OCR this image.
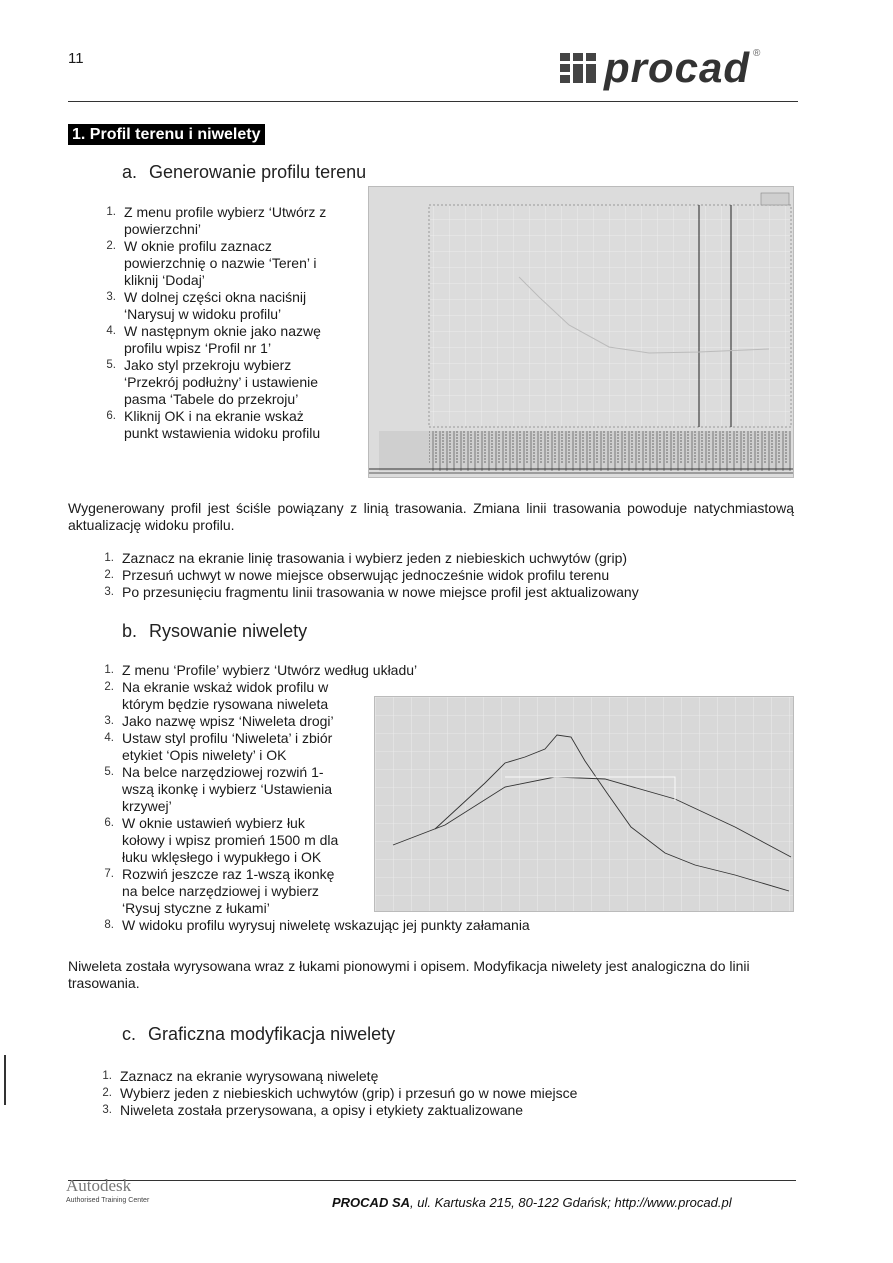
11	procad ®
1. Profil terenu i niwelety
a. Generowanie profilu terenu
1. Z menu profile wybierz ‘Utwórz z
powierzchni’
2. W oknie profilu zaznacz
powierzchnię o nazwie ‘Teren’ i
kliknij ‘Dodaj’
3. W dolnej części okna naciśnij
‘Narysuj w widoku profilu’
4. W następnym oknie jako nazwę
profilu wpisz ‘Profil nr 1’
5. Jako styl przekroju wybierz
‘Przekrój podłużny’ i ustawienie
pasma ‘Tabele do przekroju’
6. Kliknij OK i na ekranie wskaż
punkt wstawienia widoku profilu
Wygenerowany profil jest ściśle powiązany z linią trasowania. Zmiana linii trasowania powoduje natychmiastową aktualizację widoku profilu.
1. Zaznacz na ekranie linię trasowania i wybierz jeden z niebieskich uchwytów (grip)
2. Przesuń uchwyt w nowe miejsce obserwując jednocześnie widok profilu terenu
3. Po przesunięciu fragmentu linii trasowania w nowe miejsce profil jest aktualizowany
b. Rysowanie niwelety
1. Z menu ‘Profile’ wybierz ‘Utwórz według układu’
2. Na ekranie wskaż widok profilu w
którym będzie rysowana niweleta
3. Jako nazwę wpisz ‘Niweleta drogi’
4. Ustaw styl profilu ‘Niweleta’ i zbiór
etykiet ‘Opis niwelety’ i OK
5. Na belce narzędziowej rozwiń 1-
wszą ikonkę i wybierz ‘Ustawienia
krzywej’
6. W oknie ustawień wybierz łuk
kołowy i wpisz promień 1500 m dla
łuku wklęsłego i wypukłego i OK
7. Rozwiń jeszcze raz 1-wszą ikonkę
na belce narzędziowej i wybierz
‘Rysuj styczne z łukami’
8. W widoku profilu wyrysuj niweletę wskazując jej punkty załamania
Niweleta została wyrysowana wraz z łukami pionowymi i opisem. Modyfikacja niwelety jest analogiczna do linii trasowania.
c. Graficzna modyfikacja niwelety
1. Zaznacz na ekranie wyrysowaną niweletę
2. Wybierz jeden z niebieskich uchwytów (grip) i przesuń go w nowe miejsce
3. Niweleta została przerysowana, a opisy i etykiety zaktualizowane
Autodesk
Authorised Training Center	PROCAD SA, ul. Kartuska 215, 80-122 Gdańsk; http://www.procad.pl
